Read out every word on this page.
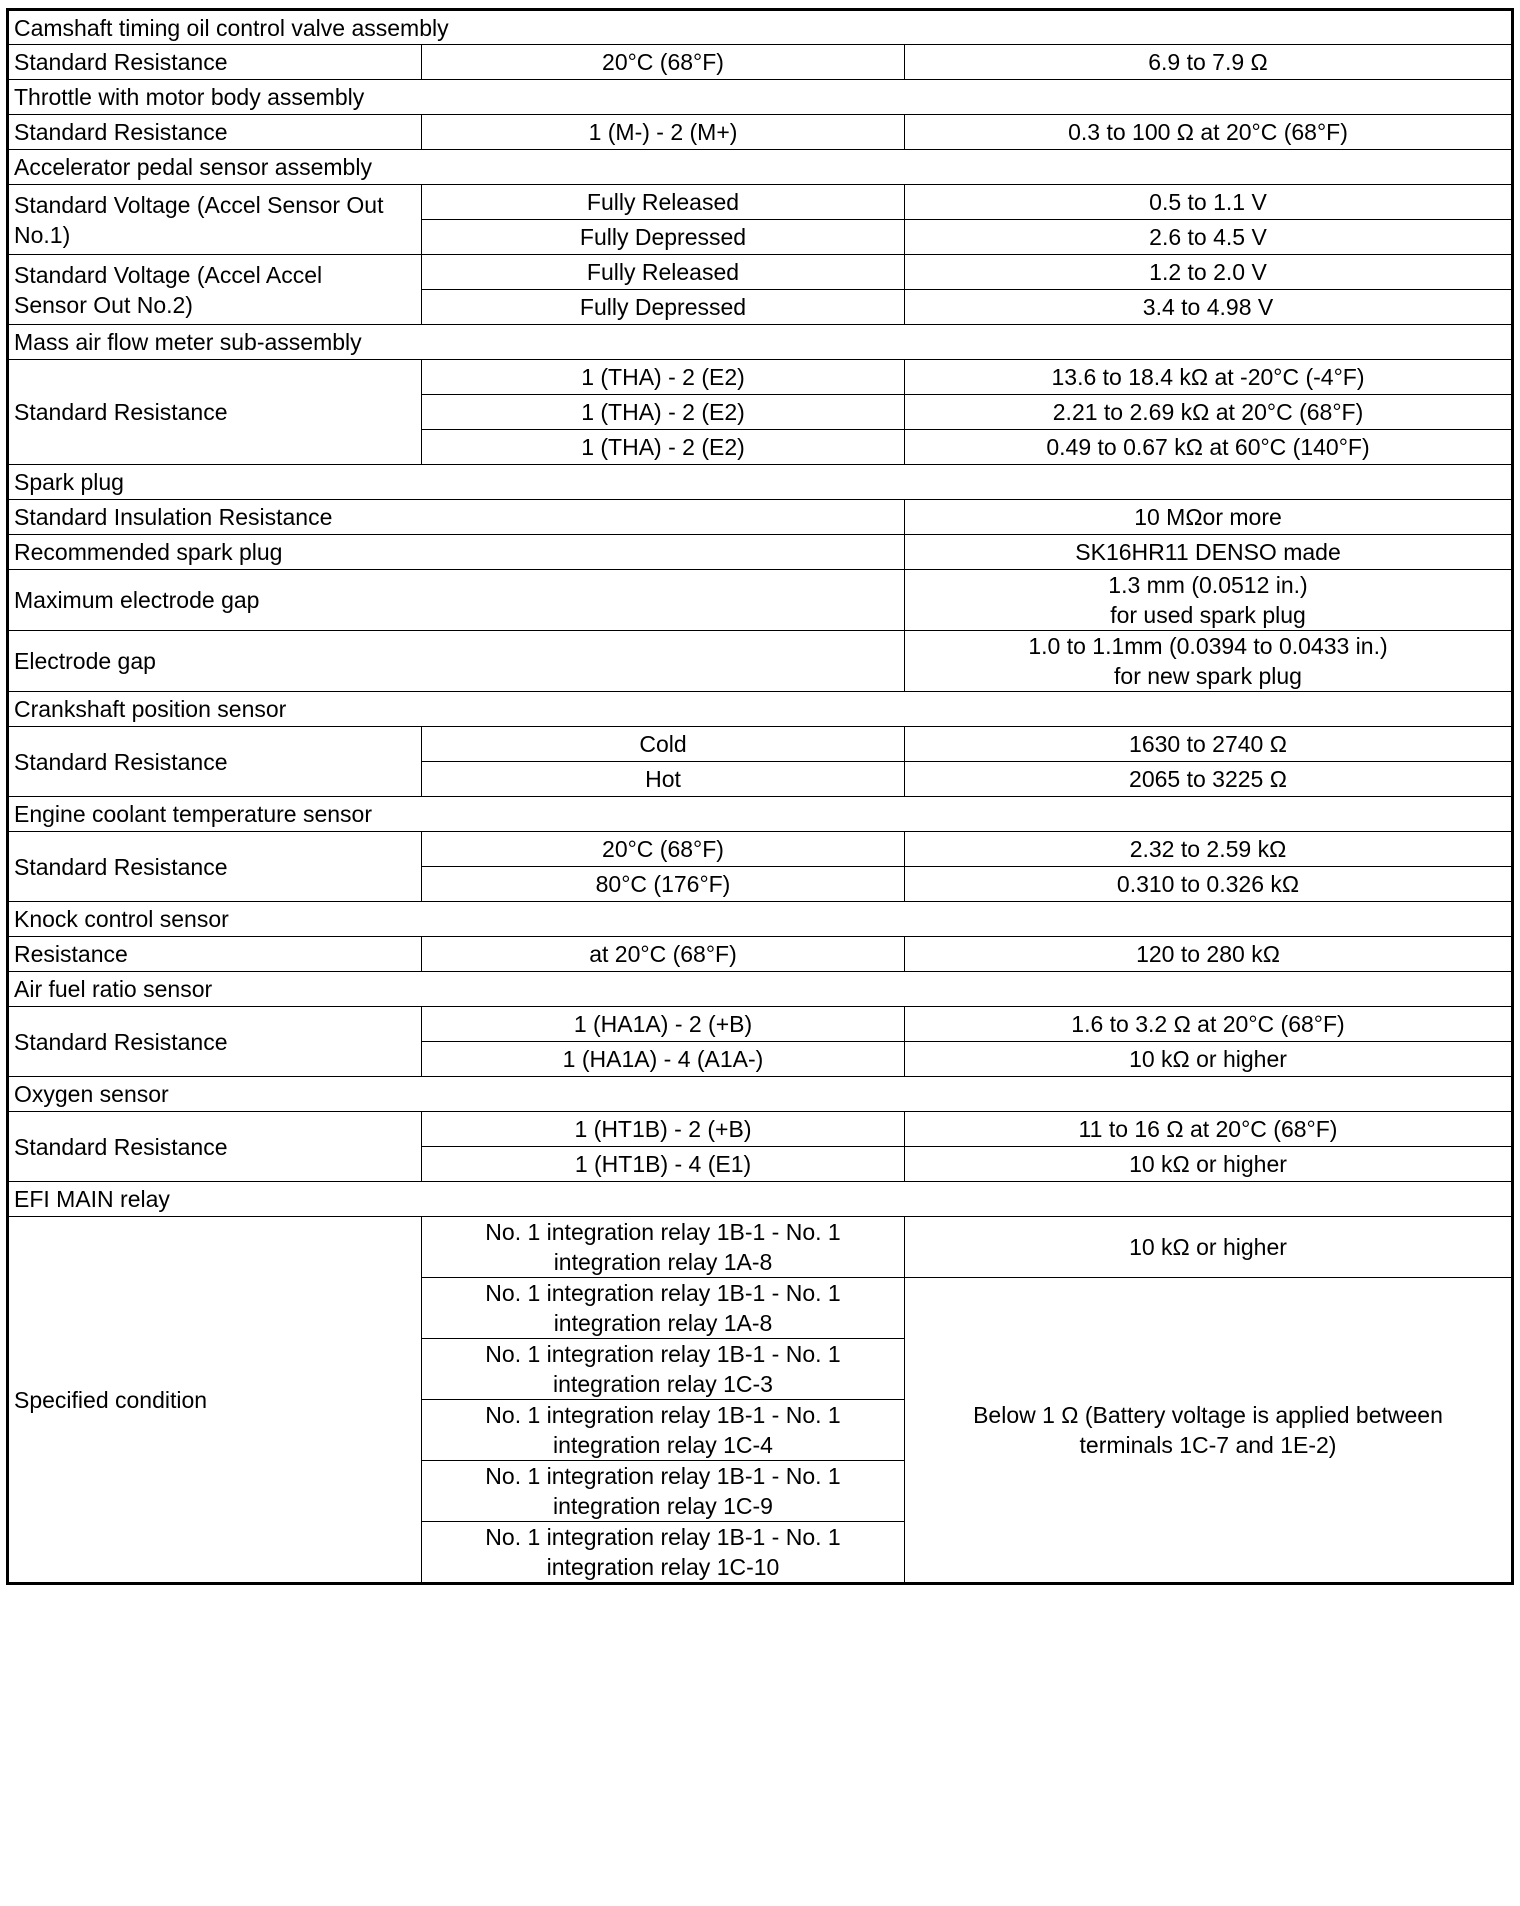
Camshaft timing oil control valve assembly		
Standard Resistance	20°C (68°F)	6.9 to 7.9 Ω
Throttle with motor body assembly		
Standard Resistance	1 (M-) - 2 (M+)	0.3 to 100 Ω at 20°C (68°F)
Accelerator pedal sensor assembly		

Standard Voltage (Accel Sensor Out
No.1)	Fully Released	0.5 to 1.1 V
	Fully Depressed	2.6 to 4.5 V

Standard Voltage (Accel Accel
Sensor Out No.2)	Fully Released	1.2 to 2.0 V
	Fully Depressed	3.4 to 4.98 V
Mass air flow meter sub-assembly		
Standard Resistance	1 (THA) - 2 (E2)	13.6 to 18.4 kΩ at -20°C (-4°F)
	1 (THA) - 2 (E2)	2.21 to 2.69 kΩ at 20°C (68°F)
	1 (THA) - 2 (E2)	0.49 to 0.67 kΩ at 60°C (140°F)
Spark plug		
Standard Insulation Resistance		10 MΩor more
Recommended spark plug		SK16HR11 DENSO made
Maximum electrode gap		1.3 mm (0.0512 in.)
for used spark plug

Electrode gap		1.0 to 1.1mm (0.0394 to 0.0433 in.)
for new spark plug

Crankshaft position sensor		
Standard Resistance	Cold	1630 to 2740 Ω
	Hot	2065 to 3225 Ω
Engine coolant temperature sensor		
Standard Resistance	20°C (68°F)	2.32 to 2.59 kΩ
	80°C (176°F)	0.310 to 0.326 kΩ
Knock control sensor		
Resistance	at 20°C (68°F)	120 to 280 kΩ
Air fuel ratio sensor		
Standard Resistance	1 (HA1A) - 2 (+B)	1.6 to 3.2 Ω at 20°C (68°F)
	1 (HA1A) - 4 (A1A-)	10 kΩ or higher
Oxygen sensor		
Standard Resistance	1 (HT1B) - 2 (+B)	11 to 16 Ω at 20°C (68°F)
	1 (HT1B) - 4 (E1)	10 kΩ or higher
EFI MAIN relay		
Specified condition	No. 1 integration relay 1B-1 - No. 1
integration relay 1A-8	10 kΩ or higher

	No. 1 integration relay 1B-1 - No. 1
integration relay 1A-8	Below 1 Ω (Battery voltage is applied between
terminals 1C-7 and 1E-2)

	No. 1 integration relay 1B-1 - No. 1
integration relay 1C-3	

	No. 1 integration relay 1B-1 - No. 1
integration relay 1C-4	

	No. 1 integration relay 1B-1 - No. 1
integration relay 1C-9	

	No. 1 integration relay 1B-1 - No. 1
integration relay 1C-10	
